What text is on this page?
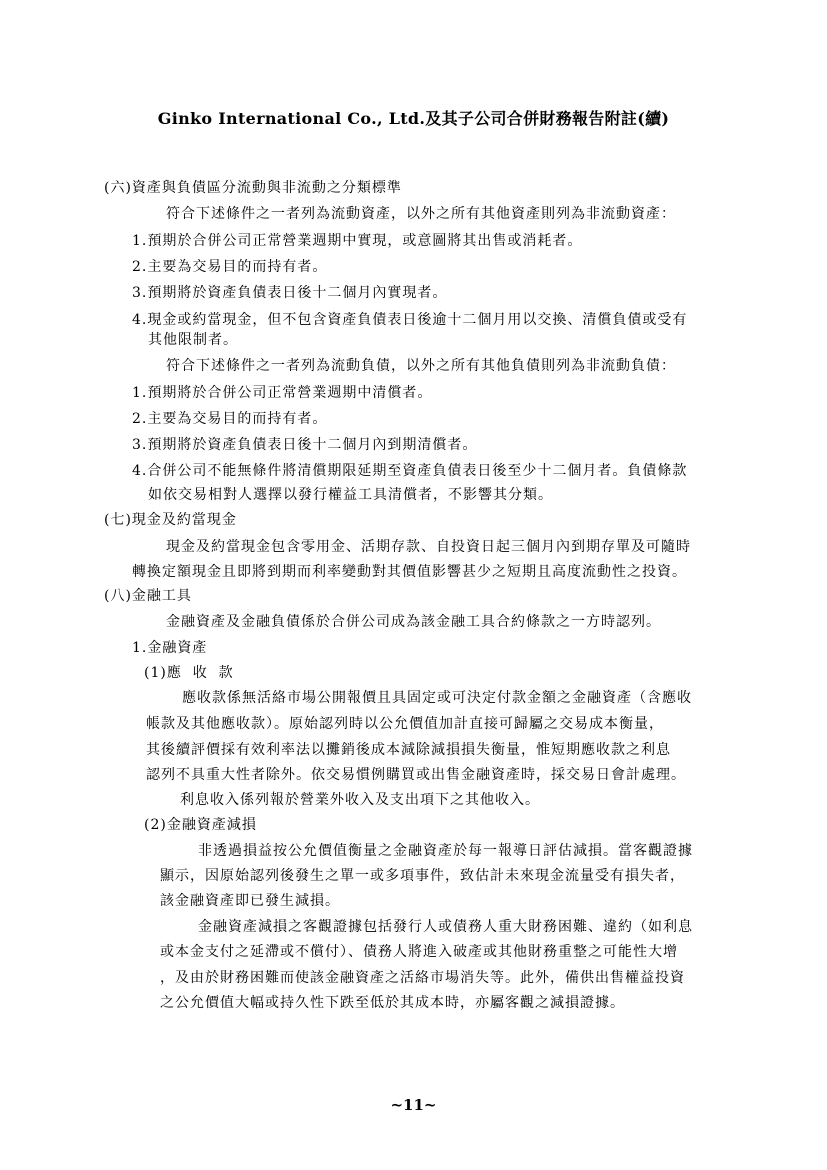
Ginko International Co., Ltd.及其子公司合併財務報告附註(續)
(六)資產與負債區分流動與非流動之分類標準
符合下述條件之一者列為流動資產，以外之所有其他資產則列為非流動資產：
1.預期於合併公司正常營業週期中實現，或意圖將其出售或消耗者。
2.主要為交易目的而持有者。
3.預期將於資產負債表日後十二個月內實現者。
4.現金或約當現金，但不包含資產負債表日後逾十二個月用以交換、清償負債或受有
其他限制者。
符合下述條件之一者列為流動負債，以外之所有其他負債則列為非流動負債：
1.預期將於合併公司正常營業週期中清償者。
2.主要為交易目的而持有者。
3.預期將於資產負債表日後十二個月內到期清償者。
4.合併公司不能無條件將清償期限延期至資產負債表日後至少十二個月者。負債條款
如依交易相對人選擇以發行權益工具清償者，不影響其分類。
(七)現金及約當現金
現金及約當現金包含零用金、活期存款、自投資日起三個月內到期存單及可隨時
轉換定額現金且即將到期而利率變動對其價值影響甚少之短期且高度流動性之投資。
(八)金融工具
金融資產及金融負債係於合併公司成為該金融工具合約條款之一方時認列。
1.金融資產
(1)應  收  款
應收款係無活絡市場公開報價且具固定或可決定付款金額之金融資產（含應收
帳款及其他應收款）。原始認列時以公允價值加計直接可歸屬之交易成本衡量，
其後續評價採有效利率法以攤銷後成本減除減損損失衡量，惟短期應收款之利息
認列不具重大性者除外。依交易慣例購買或出售金融資產時，採交易日會計處理。
利息收入係列報於營業外收入及支出項下之其他收入。
(2)金融資產減損
非透過損益按公允價值衡量之金融資產於每一報導日評估減損。當客觀證據
顯示，因原始認列後發生之單一或多項事件，致估計未來現金流量受有損失者，
該金融資產即已發生減損。
金融資產減損之客觀證據包括發行人或債務人重大財務困難、違約（如利息
或本金支付之延滯或不償付）、債務人將進入破產或其他財務重整之可能性大增
，及由於財務困難而使該金融資產之活絡市場消失等。此外，備供出售權益投資
之公允價值大幅或持久性下跌至低於其成本時，亦屬客觀之減損證據。
~11~
